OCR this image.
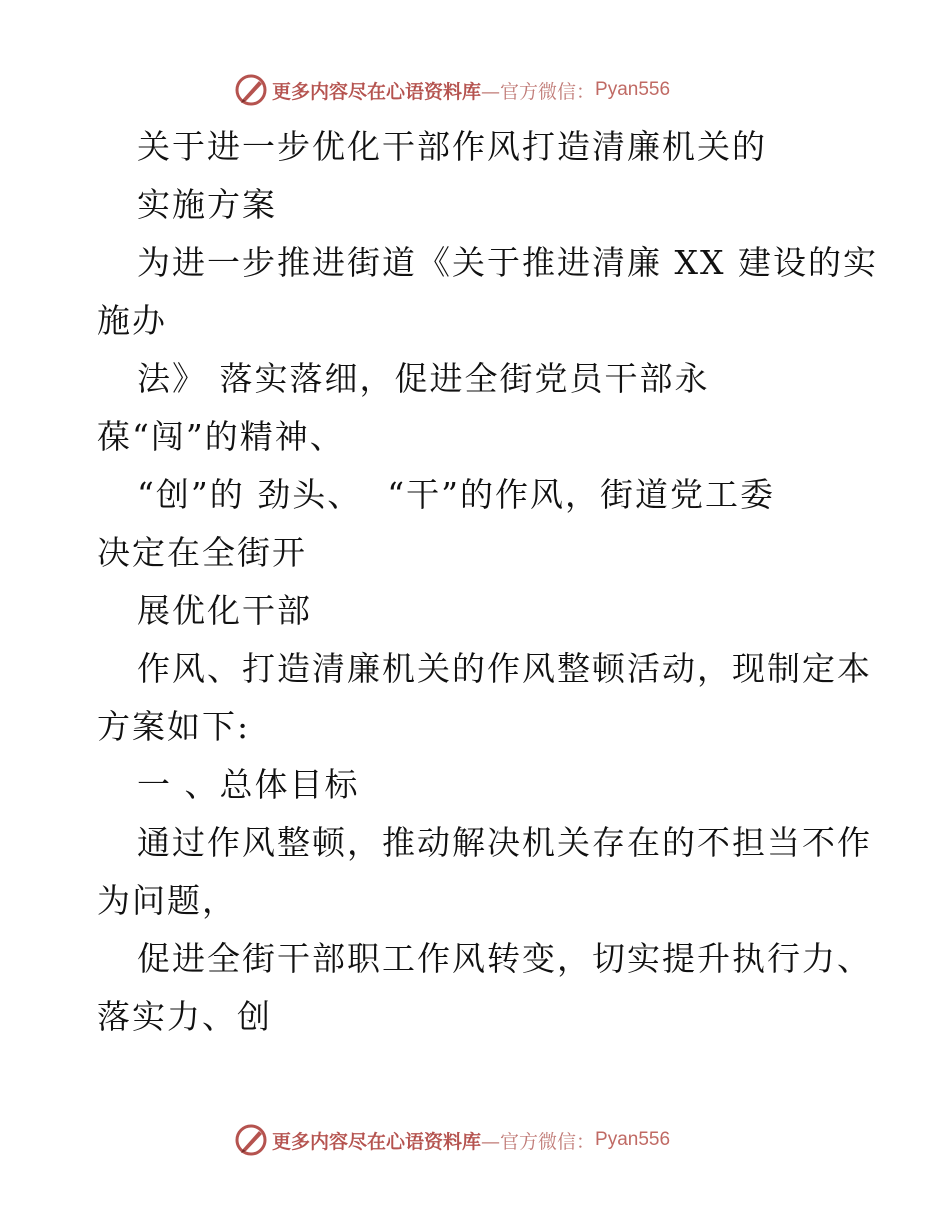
更多内容尽在心语资料库 —官方微信： Pyan556
关于进一步优化干部作风打造清廉机关的
实施方案
为进一步推进街道《关于推进清廉 XX 建设的实
施办
法》 落实落细，促进全街党员干部永
葆“闯”的精神、
“创”的 劲头、  “干”的作风，街道党工委
决定在全街开
展优化干部
作风、打造清廉机关的作风整顿活动，现制定本
方案如下:
一 、总体目标
通过作风整顿，推动解决机关存在的不担当不作
为问题，
促进全街干部职工作风转变，切实提升执行力、
落实力、创
更多内容尽在心语资料库 —官方微信： Pyan556
